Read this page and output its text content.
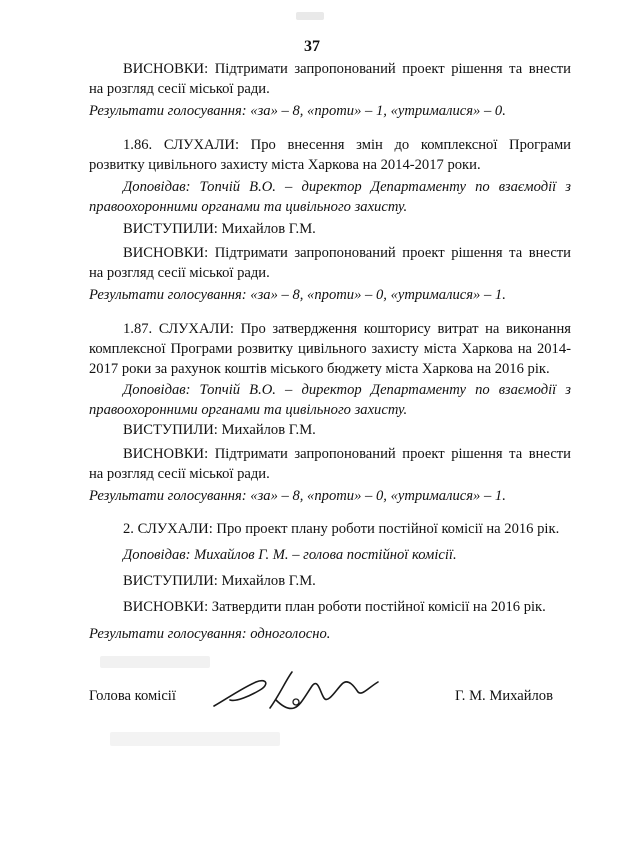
37
ВИСНОВКИ: Підтримати запропонований проект рішення та внести на розгляд сесії міської ради.
Результати голосування: «за» – 8, «проти» – 1, «утрималися» – 0.
1.86. СЛУХАЛИ: Про внесення змін до комплексної Програми розвитку цивільного захисту міста Харкова на 2014-2017 роки.
Доповідав: Топчій В.О. – директор Департаменту по взаємодії з правоохоронними органами та цивільного захисту.
ВИСТУПИЛИ: Михайлов Г.М.
ВИСНОВКИ: Підтримати запропонований проект рішення та внести на розгляд сесії міської ради.
Результати голосування: «за» – 8, «проти» – 0, «утрималися» – 1.
1.87. СЛУХАЛИ: Про затвердження кошторису витрат на виконання комплексної Програми розвитку цивільного захисту міста Харкова на 2014-2017 роки за рахунок коштів міського бюджету міста Харкова на 2016 рік.
Доповідав: Топчій В.О. – директор Департаменту по взаємодії з правоохоронними органами та цивільного захисту.
ВИСТУПИЛИ: Михайлов Г.М.
ВИСНОВКИ: Підтримати запропонований проект рішення та внести на розгляд сесії міської ради.
Результати голосування: «за» – 8, «проти» – 0, «утрималися» – 1.
2. СЛУХАЛИ: Про проект плану роботи постійної комісії на 2016 рік.
Доповідав: Михайлов Г. М. – голова постійної комісії.
ВИСТУПИЛИ: Михайлов Г.М.
ВИСНОВКИ: Затвердити план роботи постійної комісії на 2016 рік.
Результати голосування: одноголосно.
Голова комісії	Г. М. Михайлов
